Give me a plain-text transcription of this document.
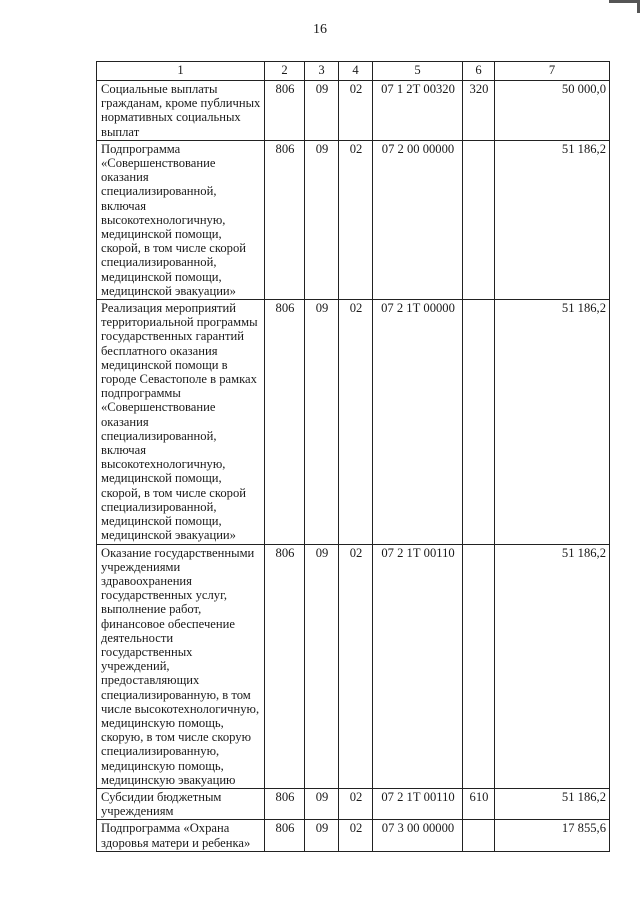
16
1	2	3	4	5	6	7
Социальные выплаты гражданам, кроме публичных нормативных социальных выплат	806	09	02	07 1 2Т 00320	320	50 000,0
Подпрограмма «Совершенствование оказания специализированной, включая высокотехнологичную, медицинской помощи, скорой, в том числе скорой специализированной, медицинской помощи, медицинской эвакуации»	806	09	02	07 2 00 00000		51 186,2
Реализация мероприятий территориальной программы государственных гарантий бесплатного оказания медицинской помощи в городе Севастополе в рамках подпрограммы «Совершенствование оказания специализированной, включая высокотехнологичную, медицинской помощи, скорой, в том числе скорой специализированной, медицинской помощи, медицинской эвакуации»	806	09	02	07 2 1Т 00000		51 186,2
Оказание государственными учреждениями здравоохранения государственных услуг, выполнение работ, финансовое обеспечение деятельности государственных учреждений, предоставляющих специализированную, в том числе высокотехнологичную, медицинскую помощь, скорую, в том числе скорую специализированную, медицинскую помощь, медицинскую эвакуацию	806	09	02	07 2 1Т 00110		51 186,2
Субсидии бюджетным учреждениям	806	09	02	07 2 1Т 00110	610	51 186,2
Подпрограмма «Охрана здоровья матери и ребенка»	806	09	02	07 3 00 00000		17 855,6
